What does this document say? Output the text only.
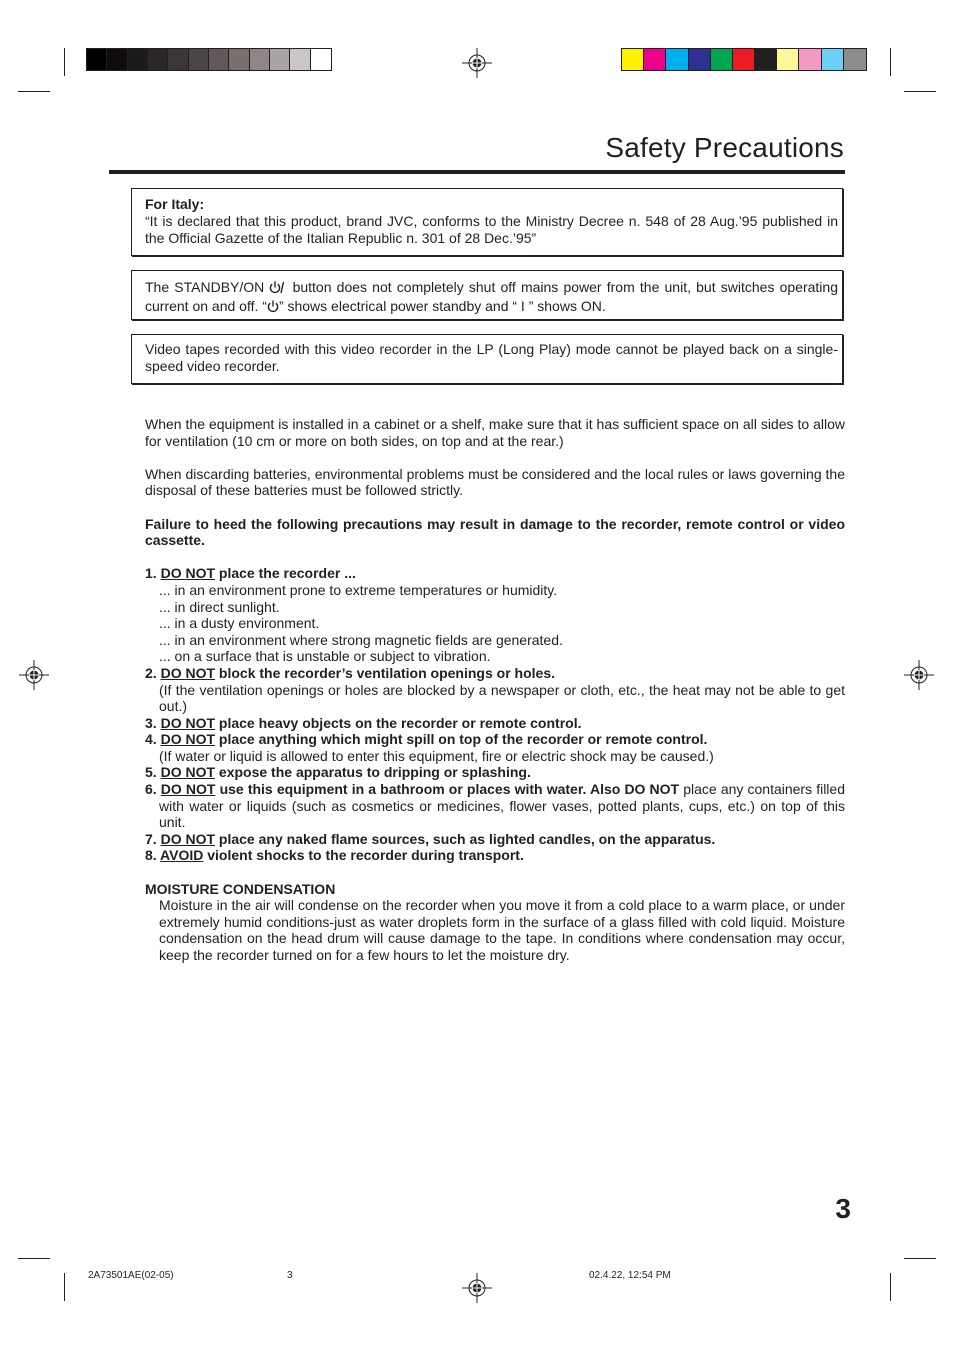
Safety Precautions

For Italy:

“It is declared that this product, brand JVC, conforms to the Ministry Decree n. 548 of 28 Aug.’95 published in the Official Gazette of the Italian Republic n. 301 of 28 Dec.’95”

The STANDBY/ON  button does not completely shut off mains power from the unit, but switches operating current on and off. “ ” shows electrical power standby and “ I ” shows ON.

Video tapes recorded with this video recorder in the LP (Long Play) mode cannot be played back on a single-speed video recorder.

When the equipment is installed in a cabinet or a shelf, make sure that it has sufficient space on all sides to allow for ventilation (10 cm or more on both sides, on top and at the rear.)

When discarding batteries, environmental problems must be considered and the local rules or laws governing the disposal of these batteries must be followed strictly.

Failure to heed the following precautions may result in damage to the recorder, remote control or video cassette.

1. DO NOT place the recorder ...

... in an environment prone to extreme temperatures or humidity.

... in direct sunlight.

... in a dusty environment.

... in an environment where strong magnetic fields are generated.

... on a surface that is unstable or subject to vibration.

2. DO NOT block the recorder’s ventilation openings or holes.

(If the ventilation openings or holes are blocked by a newspaper or cloth, etc., the heat may not be able to get out.)

3. DO NOT place heavy objects on the recorder or remote control.

4. DO NOT place anything which might spill on top of the recorder or remote control.

(If water or liquid is allowed to enter this equipment, fire or electric shock may be caused.)

5. DO NOT expose the apparatus to dripping or splashing.

6. DO NOT use this equipment in a bathroom or places with water. Also DO NOT place any containers filled with water or liquids (such as cosmetics or medicines, flower vases, potted plants, cups, etc.) on top of this unit.

7. DO NOT place any naked flame sources, such as lighted candles, on the apparatus.

8. AVOID violent shocks to the recorder during transport.

MOISTURE CONDENSATION

Moisture in the air will condense on the recorder when you move it from a cold place to a warm place, or under extremely humid conditions-just as water droplets form in the surface of a glass filled with cold liquid. Moisture condensation on the head drum will cause damage to the tape. In conditions where condensation may occur, keep the recorder turned on for a few hours to let the moisture dry.

3
2A73501AE(02-05)	3	02.4.22, 12:54 PM
